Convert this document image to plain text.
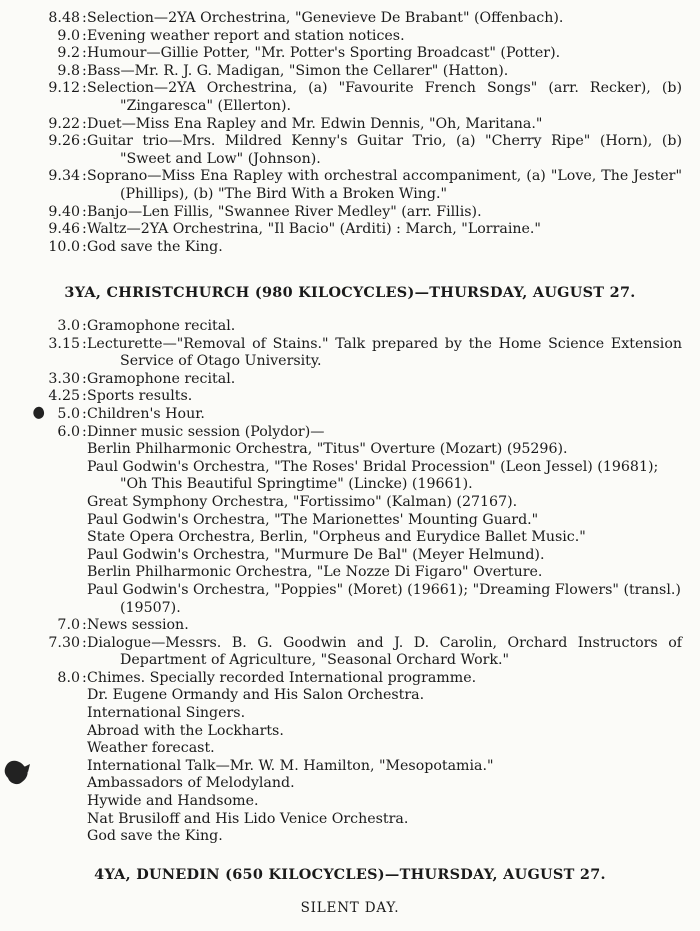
8.48 : Selection—2YA Orchestrina, "Genevieve De Brabant" (Offenbach).
9.0 : Evening weather report and station notices.
9.2 : Humour—Gillie Potter, "Mr. Potter's Sporting Broadcast" (Potter).
9.8 : Bass—Mr. R. J. G. Madigan, "Simon the Cellarer" (Hatton).
9.12 : Selection—2YA Orchestrina, (a) "Favourite French Songs" (arr. Recker), (b) "Zingaresca" (Ellerton).
9.22 : Duet—Miss Ena Rapley and Mr. Edwin Dennis, "Oh, Maritana."
9.26 : Guitar trio—Mrs. Mildred Kenny's Guitar Trio, (a) "Cherry Ripe" (Horn), (b) "Sweet and Low" (Johnson).
9.34 : Soprano—Miss Ena Rapley with orchestral accompaniment, (a) "Love, The Jester" (Phillips), (b) "The Bird With a Broken Wing."
9.40 : Banjo—Len Fillis, "Swannee River Medley" (arr. Fillis).
9.46 : Waltz—2YA Orchestrina, "Il Bacio" (Arditi) : March, "Lorraine."
10.0 : God save the King.
3YA, CHRISTCHURCH (980 KILOCYCLES)—THURSDAY, AUGUST 27.
3.0 : Gramophone recital.
3.15 : Lecturette—"Removal of Stains." Talk prepared by the Home Science Extension Service of Otago University.
3.30 : Gramophone recital.
4.25 : Sports results.
5.0 : Children's Hour.
6.0 : Dinner music session (Polydor)—
Berlin Philharmonic Orchestra, "Titus" Overture (Mozart) (95296).
Paul Godwin's Orchestra, "The Roses' Bridal Procession" (Leon Jessel) (19681); "Oh This Beautiful Springtime" (Lincke) (19661).
Great Symphony Orchestra, "Fortissimo" (Kalman) (27167).
Paul Godwin's Orchestra, "The Marionettes' Mounting Guard."
State Opera Orchestra, Berlin, "Orpheus and Eurydice Ballet Music."
Paul Godwin's Orchestra, "Murmure De Bal" (Meyer Helmund).
Berlin Philharmonic Orchestra, "Le Nozze Di Figaro" Overture.
Paul Godwin's Orchestra, "Poppies" (Moret) (19661); "Dreaming Flowers" (transl.) (19507).
7.0 : News session.
7.30 : Dialogue—Messrs. B. G. Goodwin and J. D. Carolin, Orchard Instructors of Department of Agriculture, "Seasonal Orchard Work."
8.0 : Chimes. Specially recorded International programme.
Dr. Eugene Ormandy and His Salon Orchestra.
International Singers.
Abroad with the Lockharts.
Weather forecast.
International Talk—Mr. W. M. Hamilton, "Mesopotamia."
Ambassadors of Melodyland.
Hywide and Handsome.
Nat Brusiloff and His Lido Venice Orchestra.
God save the King.
4YA, DUNEDIN (650 KILOCYCLES)—THURSDAY, AUGUST 27.
SILENT DAY.
